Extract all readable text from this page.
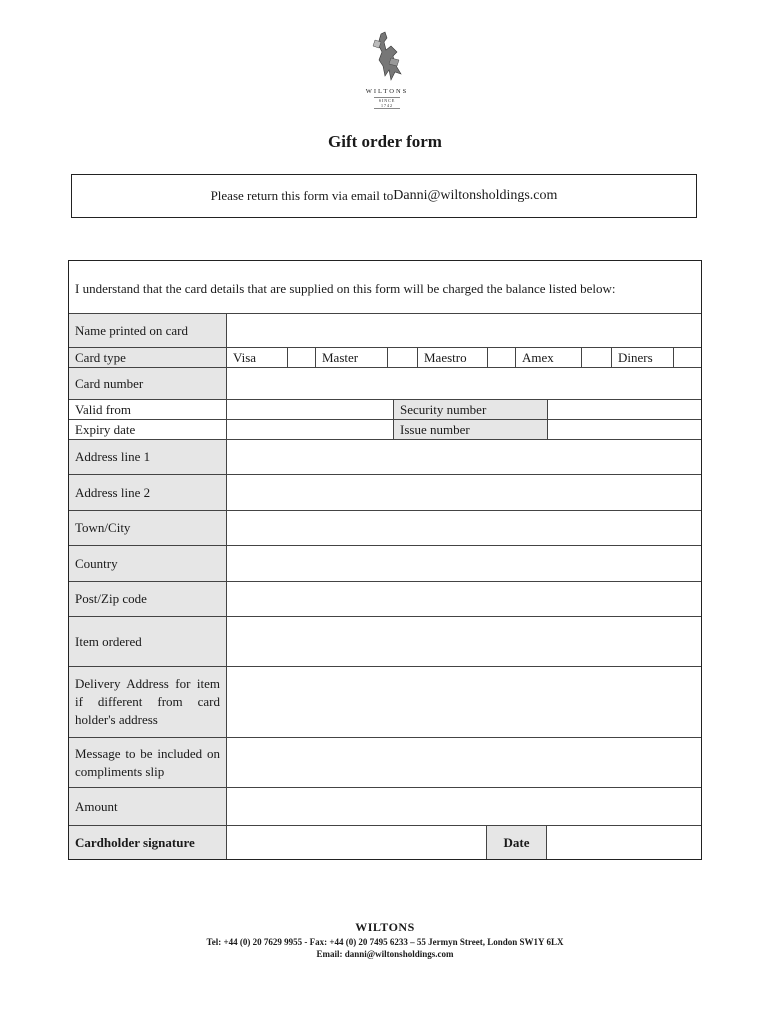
WILTONS
SINCE 1742
Gift order form
Please return this form via email to Danni@wiltonsholdings.com
I understand that the card details that are supplied on this form will be charged the balance listed below:
Name printed on card
Card type	Visa	Master	Maestro	Amex	Diners
Card number
Valid from	Security number
Expiry date	Issue number
Address line 1
Address line 2
Town/City
Country
Post/Zip code
Item ordered
Delivery Address for item if different from card holder's address
Message to be included on compliments slip
Amount
Cardholder signature	Date
WILTONS
Tel: +44 (0) 20 7629 9955 - Fax: +44 (0) 20 7495 6233 – 55 Jermyn Street, London SW1Y 6LX
Email: danni@wiltonsholdings.com
